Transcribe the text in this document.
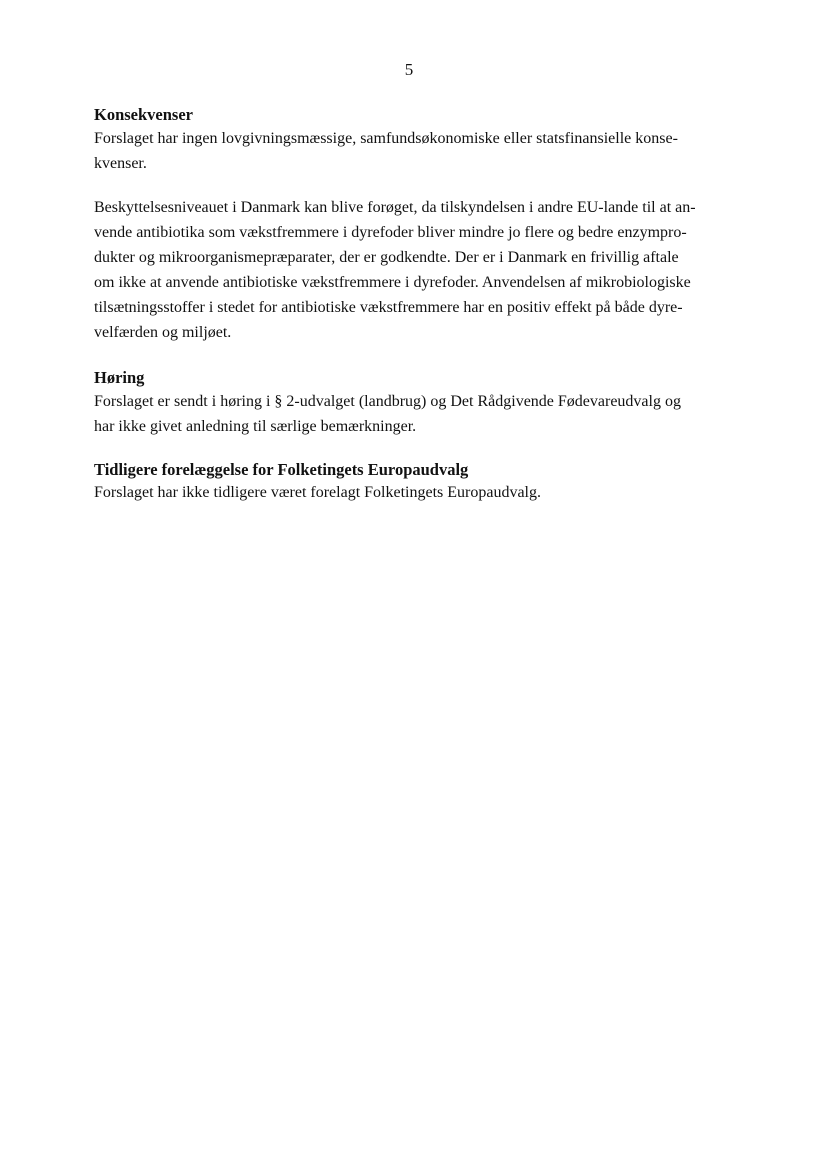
5
Konsekvenser
Forslaget har ingen lovgivningsmæssige, samfundsøkonomiske eller statsfinansielle konse-
kvenser.
Beskyttelsesniveauet i Danmark kan blive forøget, da tilskyndelsen i andre EU-lande til at an-
vende antibiotika som vækstfremmere i dyrefoder bliver mindre jo flere og bedre enzympro-
dukter og mikroorganismepræparater, der er godkendte. Der er i Danmark en frivillig aftale
om ikke at anvende antibiotiske vækstfremmere i dyrefoder. Anvendelsen af mikrobiologiske
tilsætningsstoffer i stedet for antibiotiske vækstfremmere har en positiv effekt på både dyre-
velfærden og miljøet.
Høring
Forslaget er sendt i høring i § 2-udvalget (landbrug) og Det Rådgivende Fødevareudvalg og
har ikke givet anledning til særlige bemærkninger.
Tidligere forelæggelse for Folketingets Europaudvalg
Forslaget har ikke tidligere været forelagt Folketingets Europaudvalg.
